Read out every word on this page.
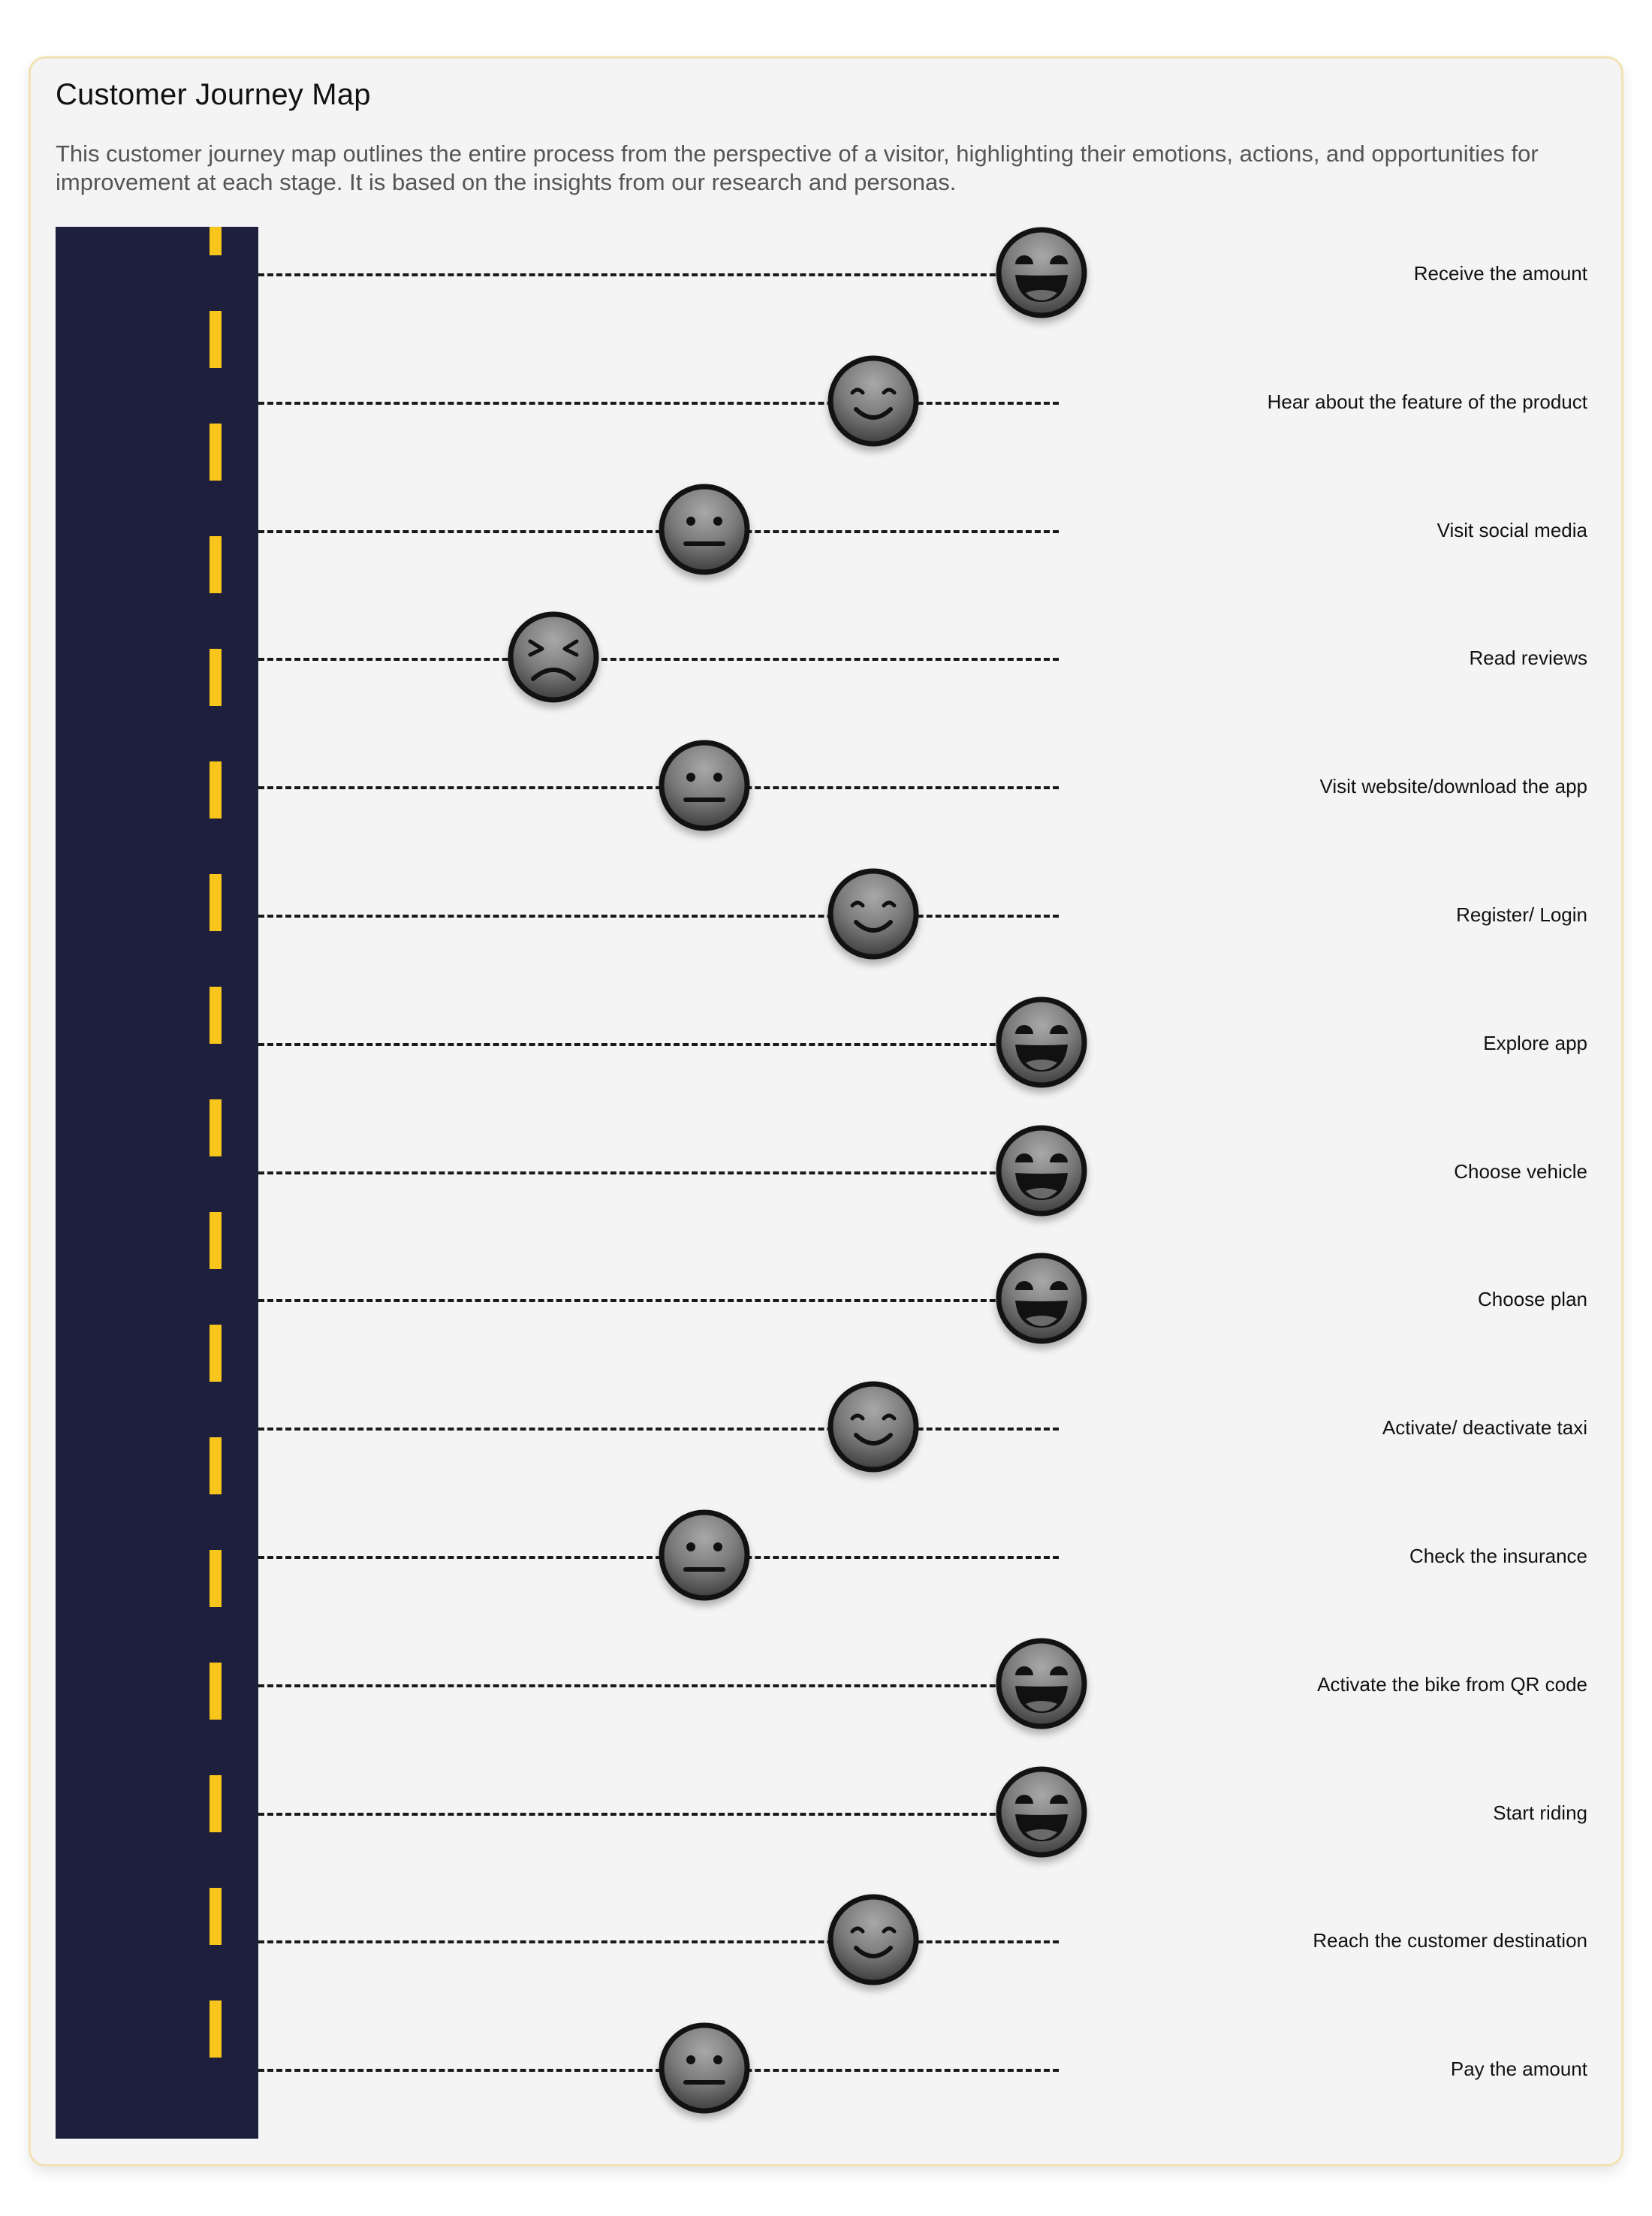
Customer Journey Map

This customer journey map outlines the entire process from the perspective of a visitor, highlighting their emotions, actions, and opportunities for improvement at each stage. It is based on the insights from our research and personas.

Receive the amount
Hear about the feature of the product
Visit social media
Read reviews
Visit website/download the app
Register/ Login
Explore app
Choose vehicle
Choose plan
Activate/ deactivate taxi
Check the insurance
Activate the bike from QR code
Start riding
Reach the customer destination
Pay the amount
